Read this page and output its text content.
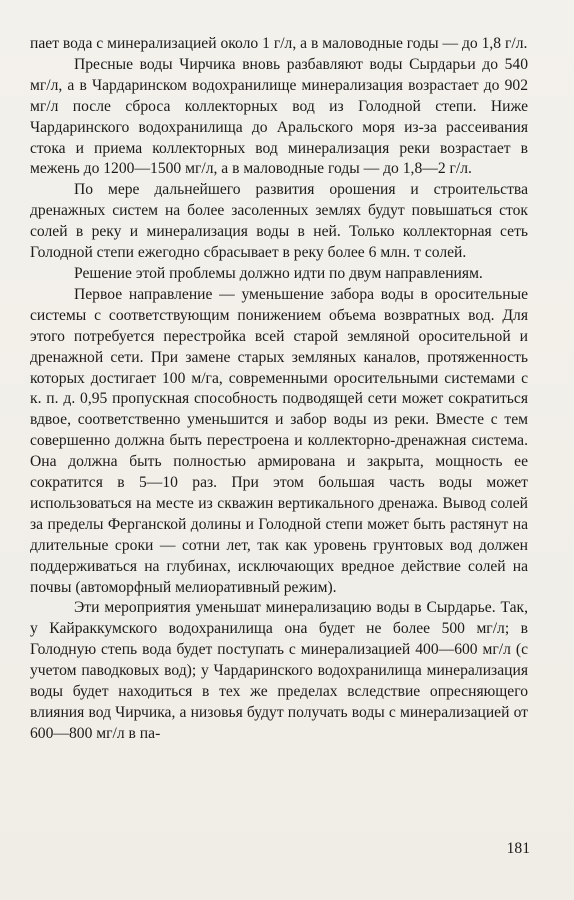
пает вода с минерализацией около 1 г/л, а в маловодные годы — до 1,8 г/л.

Пресные воды Чирчика вновь разбавляют воды Сырдарьи до 540 мг/л, а в Чардаринском водохранилище минерализация возрастает до 902 мг/л после сброса коллекторных вод из Голодной степи. Ниже Чардаринского водохранилища до Аральского моря из-за рассеивания стока и приема коллекторных вод минерализация реки возрастает в межень до 1200—1500 мг/л, а в маловодные годы — до 1,8—2 г/л.

По мере дальнейшего развития орошения и строительства дренажных систем на более засоленных землях будут повышаться сток солей в реку и минерализация воды в ней. Только коллекторная сеть Голодной степи ежегодно сбрасывает в реку более 6 млн. т солей.

Решение этой проблемы должно идти по двум направлениям.

Первое направление — уменьшение забора воды в оросительные системы с соответствующим понижением объема возвратных вод. Для этого потребуется перестройка всей старой земляной оросительной и дренажной сети. При замене старых земляных каналов, протяженность которых достигает 100 м/га, современными оросительными системами с к. п. д. 0,95 пропускная способность подводящей сети может сократиться вдвое, соответственно уменьшится и забор воды из реки. Вместе с тем совершенно должна быть перестроена и коллекторно-дренажная система. Она должна быть полностью армирована и закрыта, мощность ее сократится в 5—10 раз. При этом большая часть воды может использоваться на месте из скважин вертикального дренажа. Вывод солей за пределы Ферганской долины и Голодной степи может быть растянут на длительные сроки — сотни лет, так как уровень грунтовых вод должен поддерживаться на глубинах, исключающих вредное действие солей на почвы (автоморфный мелиоративный режим).

Эти мероприятия уменьшат минерализацию воды в Сырдарье. Так, у Кайраккумского водохранилища она будет не более 500 мг/л; в Голодную степь вода будет поступать с минерализацией 400—600 мг/л (с учетом паводковых вод); у Чардаринского водохранилища минерализация воды будет находиться в тех же пределах вследствие опресняющего влияния вод Чирчика, а низовья будут получать воды с минерализацией от 600—800 мг/л в па-

181
